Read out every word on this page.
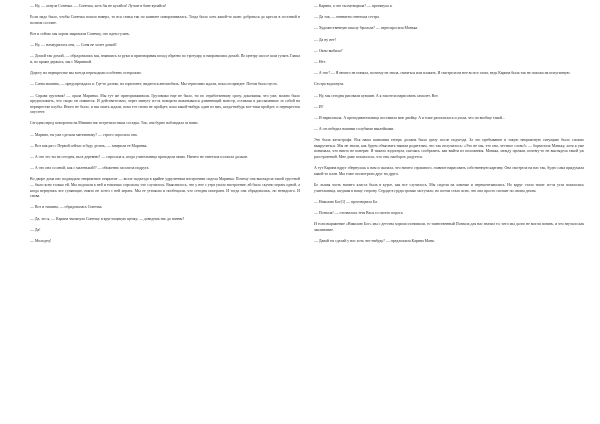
— Ну, — ахнула Сонечка. — Сонечка, хоть бы не кусайся! Лучше в бане купайся!

Если надо было, чтобы Сонечка пошла наверх, то вся семья так по комнате поворачивалась. Тогда было хоть какой-то шанс добраться до кресла в гостиной в полном составе.

Вот и сейчас мы хором закричали Сонечку, что идем гулять.

— Ну, — нахмурилась она, — Соня не хочет домой!

— Домой так домой, — обрадовались мы, взявшись за руки и приговаривая поход обратно по тротуару, и направились домой. По центру шоссе шли гулять Глаша и, по краям держась, мы с Маринкой.

Дорогу на перекрестке мы всегда переходили особенно осторожно.

— Слева машина, — предупреждала я. Где-то далеко, на горизонте, виднелся автомобиль. Мы терпеливо ждали, пока он приедет. Потом было пусто.

— Справа грузовик! — орала Маринка. Мы тут же притормаживали. Грузовики еще не было, но по отработанному сразу, доказывая, что уже, можно было предположить, что скоро он появится. И действительно, через минуту из-за поворота выкатывался длиннющий монстр, оставляя в рассыпанные за собой на перекрестке клубы. Иного не было, и мы опять ждали, пока тот снова не пройдет, пока какой-нибудь один из них, когда-нибудь все-таки пройдет, и перекресток опустеет.

Сегодня перед поворотом на Минина нас встретила наша соседка. Так, она бурно наблюдала за нами.

— Марина, ты уже сделала математику? — строго спросила она.

— Вот как раз с Первой сейчас и буду делать, — заверила ее Маринка.

— А что это ты на сегодня, вы в деревню? — спросила я, когда учительница проходила мимо. Ничего не ответила и пошла дальше.

— А что она со мной, как с маленькой!? — обиженно засопела подруга.

Во дворе дома нас поджидало неприятное открытие — возле подъезда в крайне удрученном настроении сидела Маринка. Почему она выглядела такой грустной — было ясно только ей. Мы подошли к ней и тихонько спросили, что случилось. Выяснилось, что у нее с утра упало настроение, ей было скучно играть одной, а когда вернулись все гуляющие, никто не хотел с ней играть. Мы ее утешили и пообещали, что сегодня поиграем. И тогда она обрадовалась, но ненадолго. И снова.

— Вот и тишина, — обрадовалась Сонечка.

— Да, это я, — Карина чмокнула Сонечку в круглощекую щечку, — доведешь нас до ванны?

— Да!

— Молодец!

— Карина, а что ты натворила? — протянула я.

— Да так, — невнятно ответила сестра.

— Художественную школу бросила? — переспросила Манька.

— Да ну нет!

— Окно выбила?

— Нет.

— А что? — Я ничего не поняла, поэтому не знала, смеяться или плакать. Я смотрела на нее во все глаза, ведь Карина была так не похожа на испуганную.

Сестра вздохнула.

— Ну, мы сегодня рисовали кувшин. А я захотела нарисовать самолет. Вот.

— И?

— И нарисовала. А преподавательница поставила мне двойку. А я тоже разозлилась и ушла, что он вообще такой...

— А он победил вашими голубыми наклейками.

Это была катастрофа. Вся наша компания теперь должна была сразу после подъезда. За это пребывание в такую неприятную ситуацию было сложно выкрутиться. Мы не знали, как будем объяснять нашим родителям, что так получилось: «Это не мы, это она, честное слово!» — бормотала Маньку, хотя я уже понимала, что никто не поверит. Я тяжело вздохнула, пытаясь сообразить, как выйти из положения. Манька, между прочим, почему-то не выглядела такой уж расстроенной. Мне даже показалось, что она, наоборот, радуется.

А тут Карина вдруг обернулась к нам и сказала, что ничего страшного, главное нарисовать собственную картину. Она смотрела на нас так, будто сама придумала какой-то план. Мы тоже посмотрели друг на друга.

Бо льшая часть нашего класса была в курсе, как все случилось. Мы сидели на лавочке и перешептывались. Но вдруг стало тише: из-за угла показалась учительница, шедшая в нашу сторону. Сердце в груди громко застучало, но потом стало ясно, что она просто спешит по своим делам.

— Николаю Бог[1] — проговорила Ба.

— Позвала! — отозвалась тетя Вася со своего порога.

И если выражение «Николаю Бог» мы с детства хорошо понимали, то таинственный Позвала для нас значил то, чего мы долго не могли понять, и что звучало как заклинание.

— Давай ты сделай у нас хоть что-нибудь? — предложила Карина Маня.
